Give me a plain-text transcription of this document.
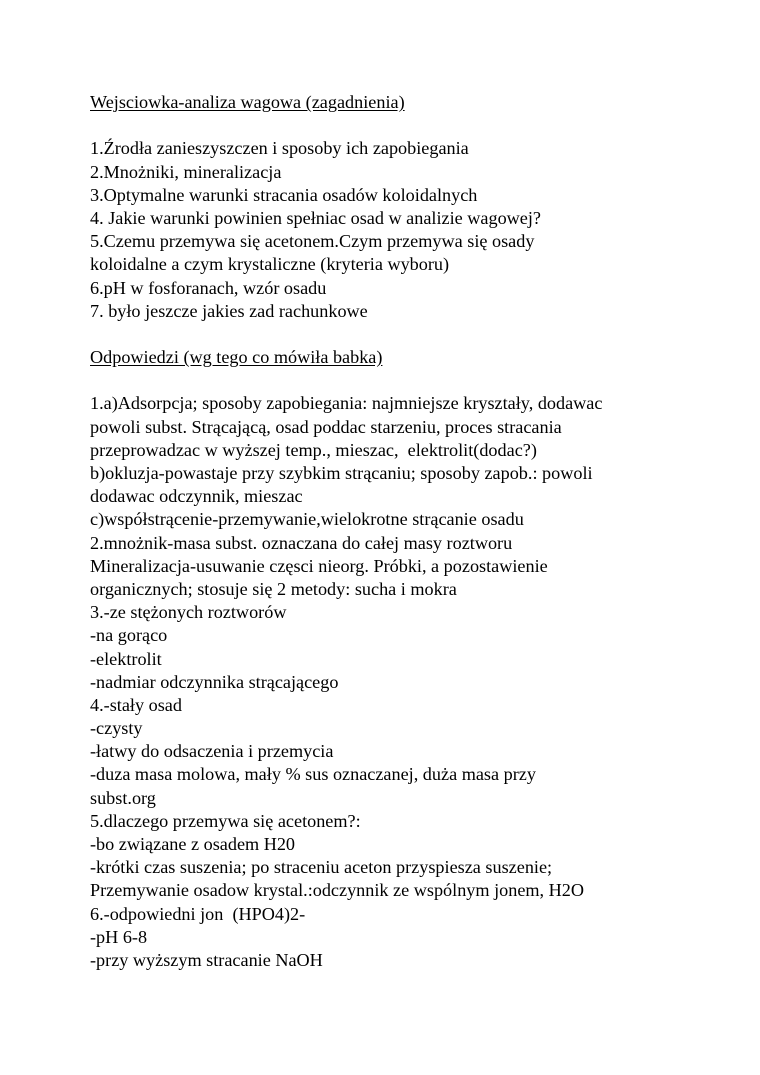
Wejsciowka-analiza wagowa (zagadnienia)
1.Źrodła zanieszyszczen i sposoby ich zapobiegania
2.Mnożniki, mineralizacja
3.Optymalne warunki stracania osadów koloidalnych
4. Jakie warunki powinien spełniac osad w analizie wagowej?
5.Czemu przemywa się acetonem.Czym przemywa się osady
koloidalne a czym krystaliczne (kryteria wyboru)
6.pH w fosforanach, wzór osadu
7. było jeszcze jakies zad rachunkowe
Odpowiedzi (wg tego co mówiła babka)
1.a)Adsorpcja; sposoby zapobiegania: najmniejsze kryształy, dodawac
powoli subst. Strącającą, osad poddac starzeniu, proces stracania
przeprowadzac w wyższej temp., mieszac,  elektrolit(dodac?)
b)okluzja-powastaje przy szybkim strącaniu; sposoby zapob.: powoli
dodawac odczynnik, mieszac
c)współstrącenie-przemywanie,wielokrotne strącanie osadu
2.mnożnik-masa subst. oznaczana do całej masy roztworu
Mineralizacja-usuwanie częsci nieorg. Próbki, a pozostawienie
organicznych; stosuje się 2 metody: sucha i mokra
3.-ze stężonych roztworów
-na gorąco
-elektrolit
-nadmiar odczynnika strącającego
4.-stały osad
-czysty
-łatwy do odsaczenia i przemycia
-duza masa molowa, mały % sus oznaczanej, duża masa przy
subst.org
5.dlaczego przemywa się acetonem?:
-bo związane z osadem H20
-krótki czas suszenia; po straceniu aceton przyspiesza suszenie;
Przemywanie osadow krystal.:odczynnik ze wspólnym jonem, H2O
6.-odpowiedni jon  (HPO4)2-
-pH 6-8
-przy wyższym stracanie NaOH
